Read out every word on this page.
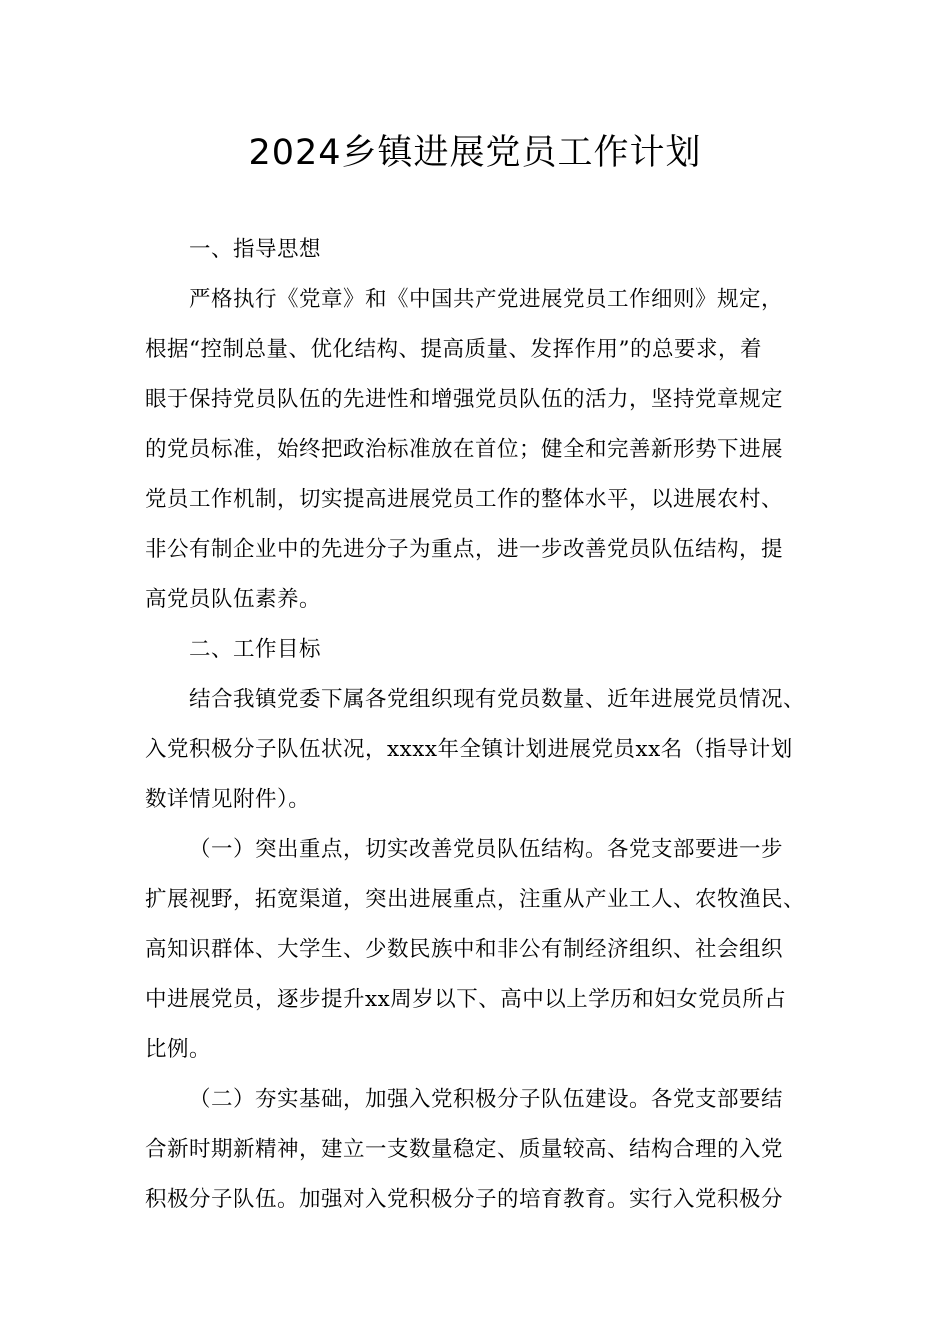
2024乡镇进展党员工作计划
一、指导思想
严格执行《党章》和《中国共产党进展党员工作细则》规定，
根据“控制总量、优化结构、提高质量、发挥作用”的总要求，着
眼于保持党员队伍的先进性和增强党员队伍的活力，坚持党章规定
的党员标准，始终把政治标准放在首位；健全和完善新形势下进展
党员工作机制，切实提高进展党员工作的整体水平，以进展农村、
非公有制企业中的先进分子为重点，进一步改善党员队伍结构，提
高党员队伍素养。
二、工作目标
结合我镇党委下属各党组织现有党员数量、近年进展党员情况、
入党积极分子队伍状况，xxxx年全镇计划进展党员xx名（指导计划
数详情见附件）。
（一）突出重点，切实改善党员队伍结构。各党支部要进一步
扩展视野，拓宽渠道，突出进展重点，注重从产业工人、农牧渔民、
高知识群体、大学生、少数民族中和非公有制经济组织、社会组织
中进展党员，逐步提升xx周岁以下、高中以上学历和妇女党员所占
比例。
（二）夯实基础，加强入党积极分子队伍建设。各党支部要结
合新时期新精神，建立一支数量稳定、质量较高、结构合理的入党
积极分子队伍。加强对入党积极分子的培育教育。实行入党积极分
